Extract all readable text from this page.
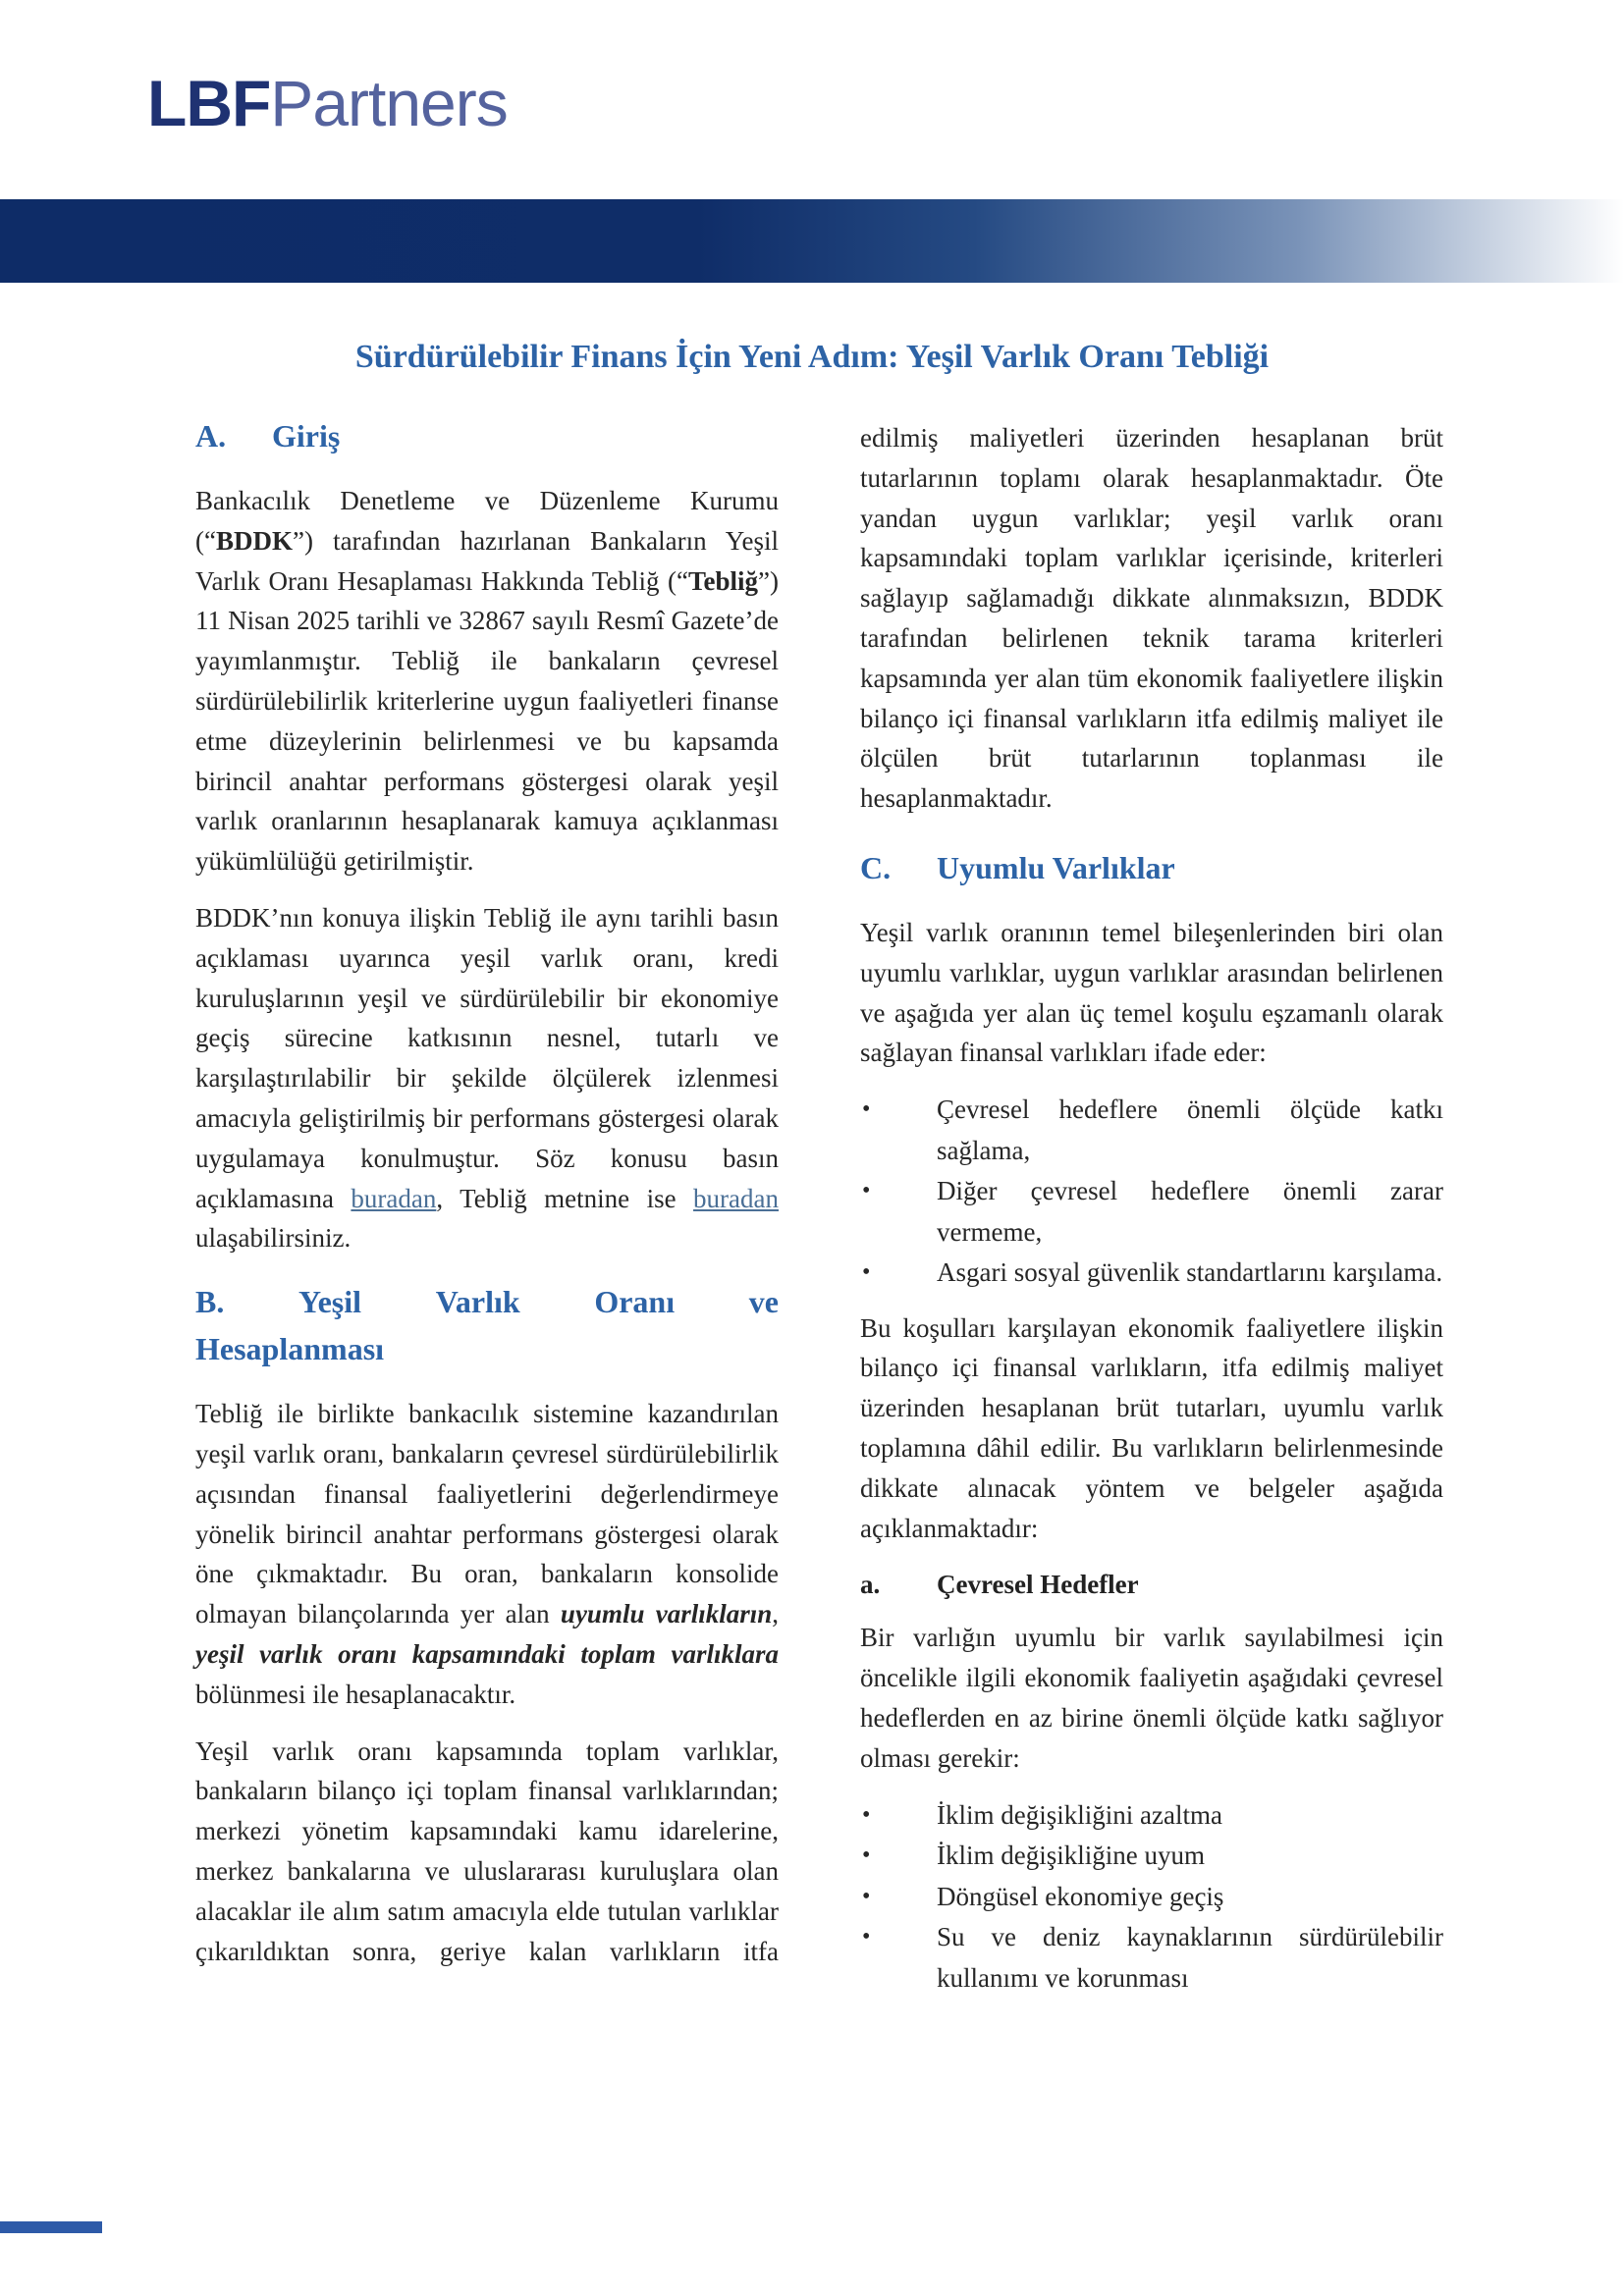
LBFPartners
Sürdürülebilir Finans İçin Yeni Adım: Yeşil Varlık Oranı Tebliği
A.	Giriş

Bankacılık Denetleme ve Düzenleme Kurumu (“BDDK”) tarafından hazırlanan Bankaların Yeşil Varlık Oranı Hesaplaması Hakkında Tebliğ (“Tebliğ”) 11 Nisan 2025 tarihli ve 32867 sayılı Resmî Gazete’de yayımlanmıştır. Tebliğ ile bankaların çevresel sürdürülebilirlik kriterlerine uygun faaliyetleri finanse etme düzeylerinin belirlenmesi ve bu kapsamda birincil anahtar performans göstergesi olarak yeşil varlık oranlarının hesaplanarak kamuya açıklanması yükümlülüğü getirilmiştir.

BDDK’nın konuya ilişkin Tebliğ ile aynı tarihli basın açıklaması uyarınca yeşil varlık oranı, kredi kuruluşlarının yeşil ve sürdürülebilir bir ekonomiye geçiş sürecine katkısının nesnel, tutarlı ve karşılaştırılabilir bir şekilde ölçülerek izlenmesi amacıyla geliştirilmiş bir performans göstergesi olarak uygulamaya konulmuştur. Söz konusu basın açıklamasına buradan, Tebliğ metnine ise buradan ulaşabilirsiniz.

B. Yeşil Varlık Oranı ve
Hesaplanması

Tebliğ ile birlikte bankacılık sistemine kazandırılan yeşil varlık oranı, bankaların çevresel sürdürülebilirlik açısından finansal faaliyetlerini değerlendirmeye yönelik birincil anahtar performans göstergesi olarak öne çıkmaktadır. Bu oran, bankaların konsolide olmayan bilançolarında yer alan uyumlu varlıkların, yeşil varlık oranı kapsamındaki toplam varlıklara bölünmesi ile hesaplanacaktır.

Yeşil varlık oranı kapsamında toplam varlıklar, bankaların bilanço içi toplam finansal varlıklarından; merkezi yönetim kapsamındaki kamu idarelerine, merkez bankalarına ve uluslararası kuruluşlara olan alacaklar ile alım satım amacıyla elde tutulan varlıklar çıkarıldıktan sonra, geriye kalan varlıkların itfa

edilmiş maliyetleri üzerinden hesaplanan brüt tutarlarının toplamı olarak hesaplanmaktadır. Öte yandan uygun varlıklar; yeşil varlık oranı kapsamındaki toplam varlıklar içerisinde, kriterleri sağlayıp sağlamadığı dikkate alınmaksızın, BDDK tarafından belirlenen teknik tarama kriterleri kapsamında yer alan tüm ekonomik faaliyetlere ilişkin bilanço içi finansal varlıkların itfa edilmiş maliyet ile ölçülen brüt tutarlarının toplanması ile hesaplanmaktadır.

C.	Uyumlu Varlıklar

Yeşil varlık oranının temel bileşenlerinden biri olan uyumlu varlıklar, uygun varlıklar arasından belirlenen ve aşağıda yer alan üç temel koşulu eşzamanlı olarak sağlayan finansal varlıkları ifade eder:

•	Çevresel hedeflere önemli ölçüde katkı sağlama,
•	Diğer çevresel hedeflere önemli zarar vermeme,
•	Asgari sosyal güvenlik standartlarını karşılama.

Bu koşulları karşılayan ekonomik faaliyetlere ilişkin bilanço içi finansal varlıkların, itfa edilmiş maliyet üzerinden hesaplanan brüt tutarları, uyumlu varlık toplamına dâhil edilir. Bu varlıkların belirlenmesinde dikkate alınacak yöntem ve belgeler aşağıda açıklanmaktadır:

a.	Çevresel Hedefler

Bir varlığın uyumlu bir varlık sayılabilmesi için öncelikle ilgili ekonomik faaliyetin aşağıdaki çevresel hedeflerden en az birine önemli ölçüde katkı sağlıyor olması gerekir:

•	İklim değişikliğini azaltma
•	İklim değişikliğine uyum
•	Döngüsel ekonomiye geçiş
•	Su ve deniz kaynaklarının sürdürülebilir kullanımı ve korunması
